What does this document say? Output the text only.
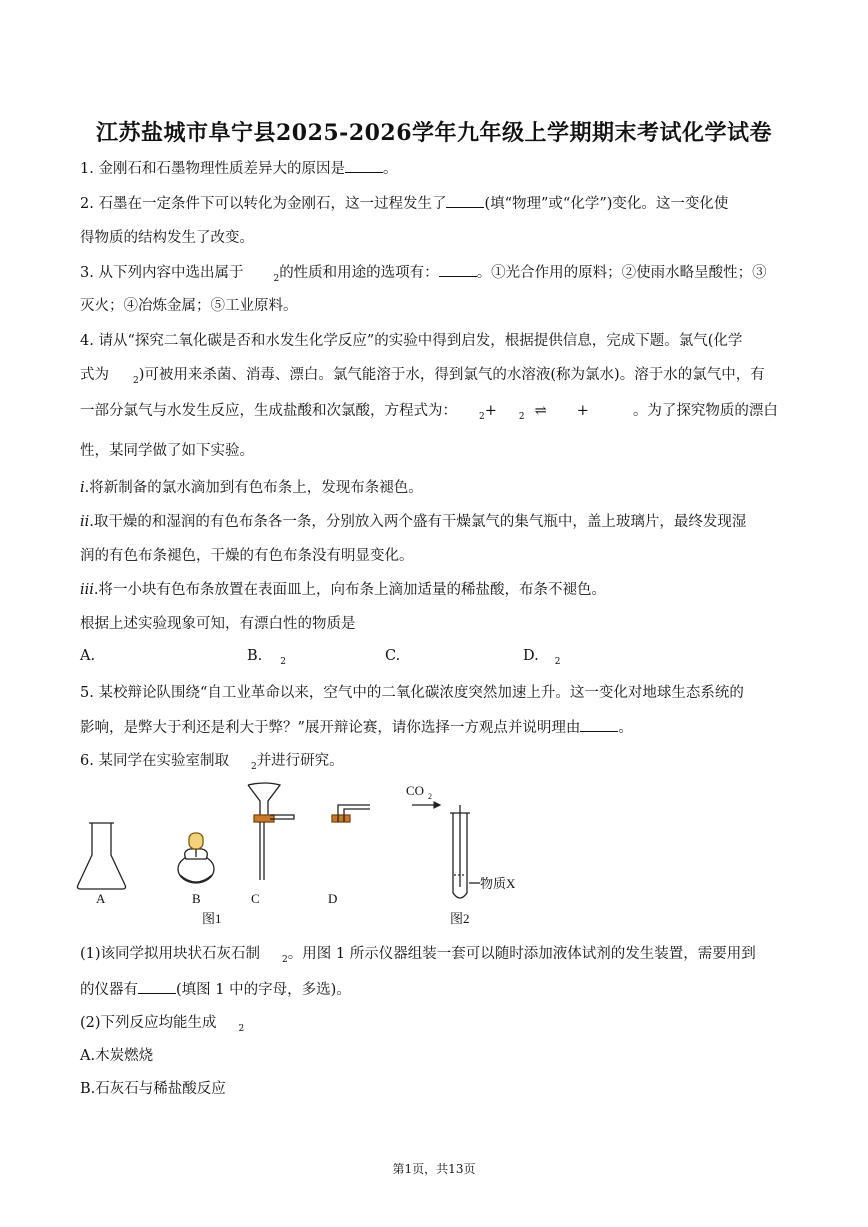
江苏盐城市阜宁县2025-2026学年九年级上学期期末考试化学试卷
1. 金刚石和石墨物理性质差异大的原因是	。
2. 石墨在一定条件下可以转化为金刚石，这一过程发生了	(填“物理”或“化学”)变化。这一变化使
得物质的结构发生了改变。
3. 从下列内容中选出属于	$_2$的性质和用途的选项有：	。①光合作用的原料；②使雨水略呈酸性；③
灭火；④冶炼金属；⑤工业原料。
4. 请从“探究二氧化碳是否和水发生化学反应”的实验中得到启发，根据提供信息，完成下题。氯气(化学
式为	$_2$)可被用来杀菌、消毒、漂白。氯气能溶于水，得到氯气的水溶液(称为氯水)。溶于水的氯气中，有
一部分氯气与水发生反应，生成盐酸和次氯酸，方程式为： $_2$+ $_2$ ⇌ +	。为了探究物质的漂白
性，某同学做了如下实验。
i.将新制备的氯水滴加到有色布条上，发现布条褪色。
ii.取干燥的和湿润的有色布条各一条，分别放入两个盛有干燥氯气的集气瓶中，盖上玻璃片，最终发现湿
润的有色布条褪色，干燥的有色布条没有明显变化。
iii.将一小块有色布条放置在表面皿上，向布条上滴加适量的稀盐酸，布条不褪色。
根据上述实验现象可知，有漂白性的物质是
A.	B. $_2$	C.	D. $_2$
5. 某校辩论队围绕“自工业革命以来，空气中的二氧化碳浓度突然加速上升。这一变化对地球生态系统的
影响，是弊大于利还是利大于弊？”展开辩论赛，请你选择一方观点并说明理由	。
6. 某同学在实验室制取 $_2$并进行研究。
A	B	C	D
图1	图2
CO 2
物质X
(1)该同学拟用块状石灰石制 $_2$。用图 1 所示仪器组装一套可以随时添加液体试剂的发生装置，需要用到
的仪器有	(填图 1 中的字母，多选)。
(2)下列反应均能生成 $_2$
A.木炭燃烧
B.石灰石与稀盐酸反应
第1页，共13页
